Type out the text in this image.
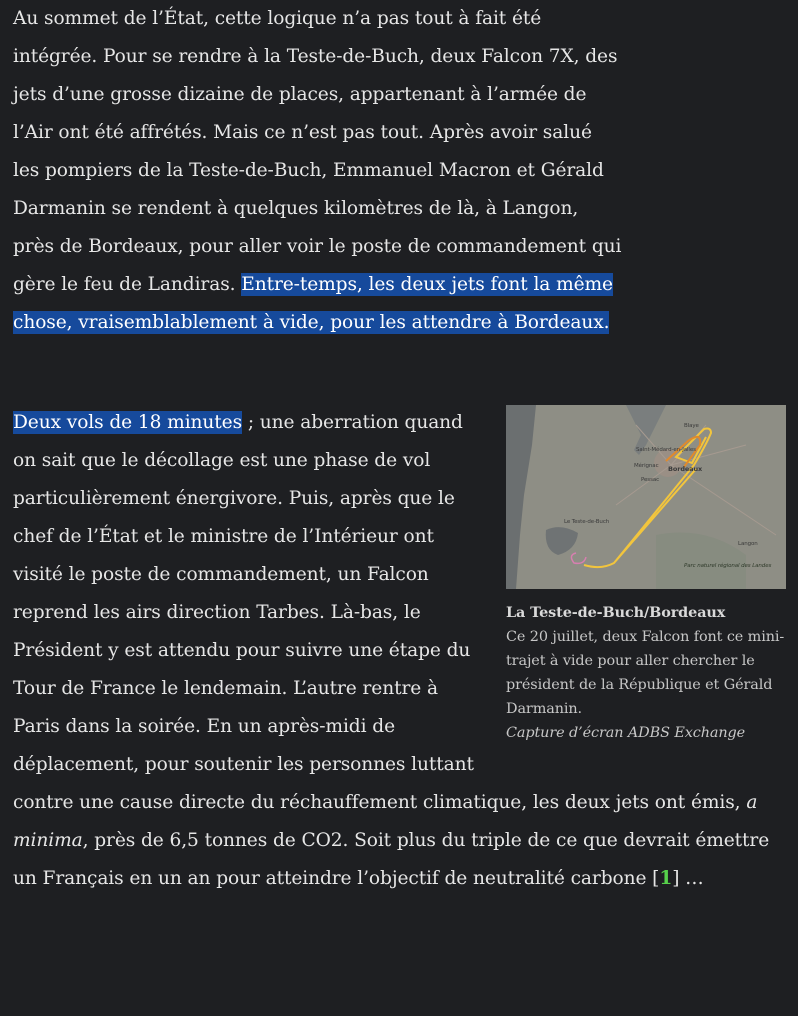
Au sommet de l’État, cette logique n’a pas tout à fait été intégrée. Pour se rendre à la Teste-de-Buch, deux Falcon 7X, des jets d’une grosse dizaine de places, appartenant à l’armée de l’Air ont été affrétés. Mais ce n’est pas tout. Après avoir salué les pompiers de la Teste-de-Buch, Emmanuel Macron et Gérald Darmanin se rendent à quelques kilomètres de là, à Langon, près de Bordeaux, pour aller voir le poste de commandement qui gère le feu de Landiras. Entre-temps, les deux jets font la même chose, vraisemblablement à vide, pour les attendre à Bordeaux.

Blaye
Saint-Médard-en-Jalles
Mérignac
Pessac
Bordeaux
Le Teste-de-Buch
Langon
Parc naturel régional des Landes
La Teste-de-Buch/Bordeaux
Ce 20 juillet, deux Falcon font ce mini-trajet à vide pour aller chercher le président de la République et Gérald Darmanin.
Capture d’écran ADBS Exchange
Deux vols de 18 minutes ; une aberration quand on sait que le décollage est une phase de vol particulièrement énergivore. Puis, après que le chef de l’État et le ministre de l’Intérieur ont visité le poste de commandement, un Falcon reprend les airs direction Tarbes. Là-bas, le Président y est attendu pour suivre une étape du Tour de France le lendemain. L’autre rentre à Paris dans la soirée. En un après-midi de déplacement, pour soutenir les personnes luttant contre une cause directe du réchauffement climatique, les deux jets ont émis, a minima, près de 6,5 tonnes de CO2. Soit plus du triple de ce que devrait émettre un Français en un an pour atteindre l’objectif de neutralité carbone [1] …
